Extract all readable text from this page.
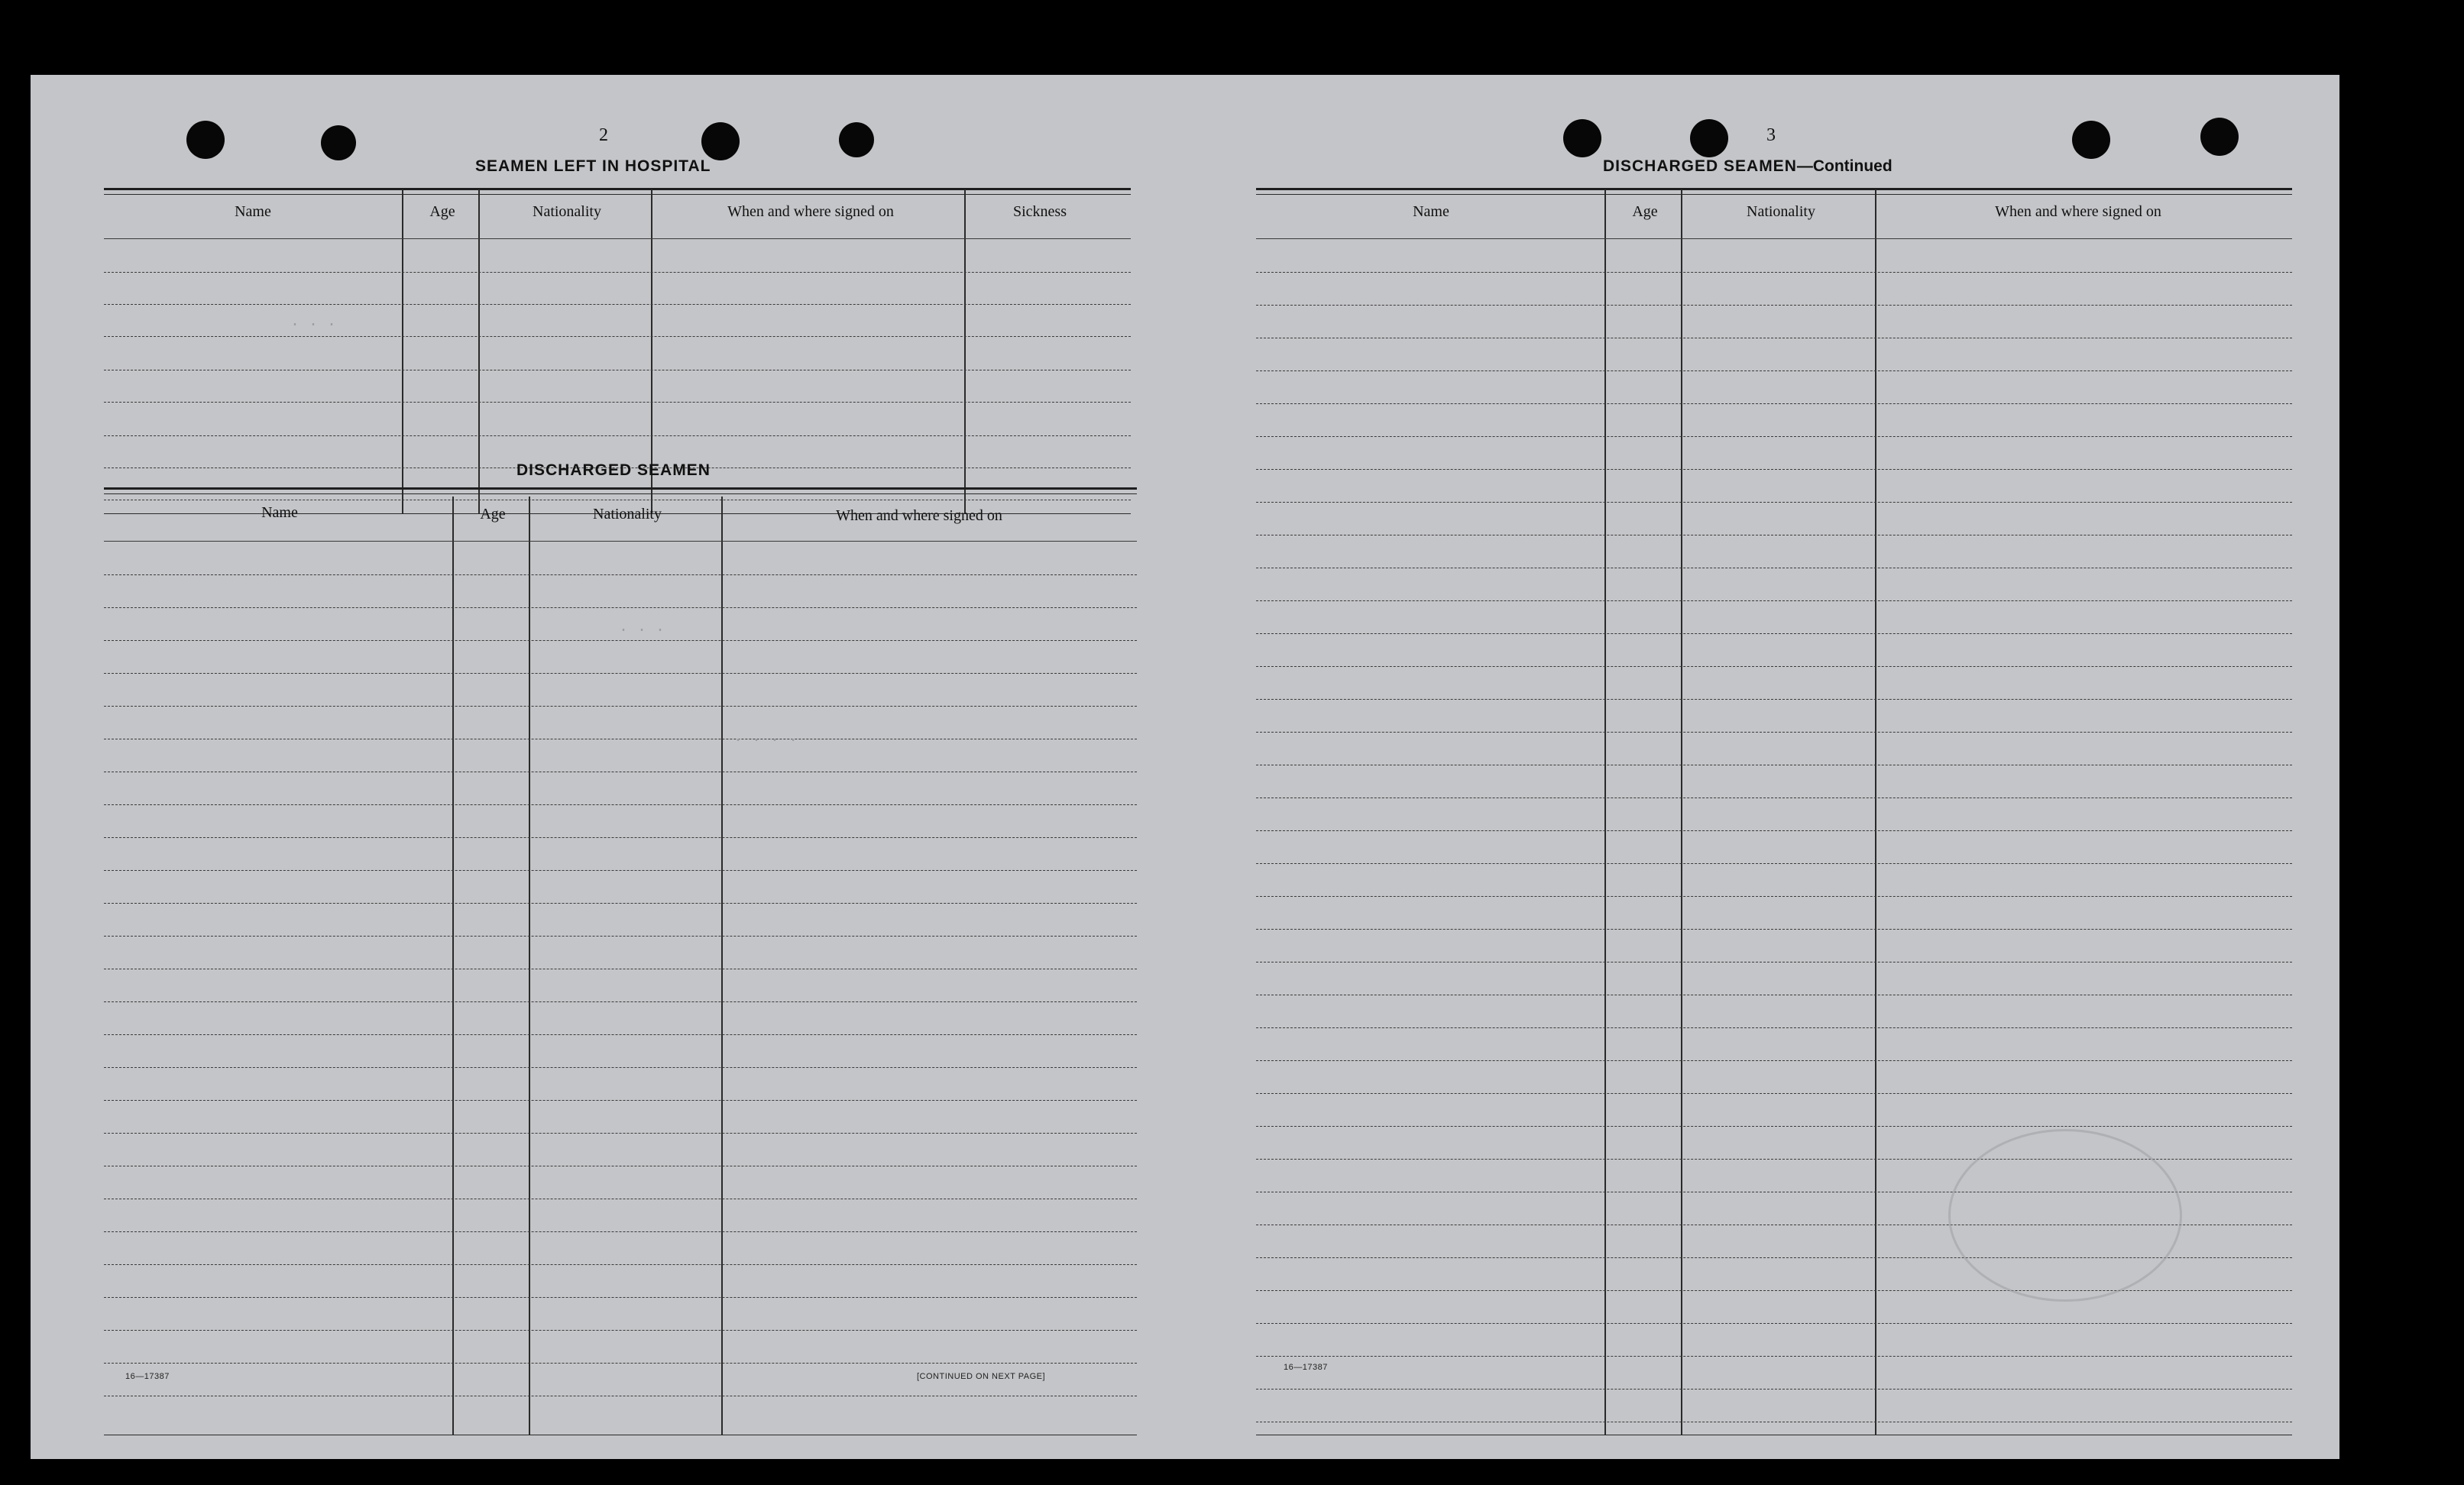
2
SEAMEN LEFT IN HOSPITAL
Name	Age	Nationality	When and where signed on	Sickness
DISCHARGED SEAMEN
Name	Age	Nationality	When and where signed on
16—17387	[CONTINUED ON NEXT PAGE]
. . .
. . .
. . . .
3
DISCHARGED SEAMEN—Continued
Name	Age	Nationality	When and where signed on
16—17387
